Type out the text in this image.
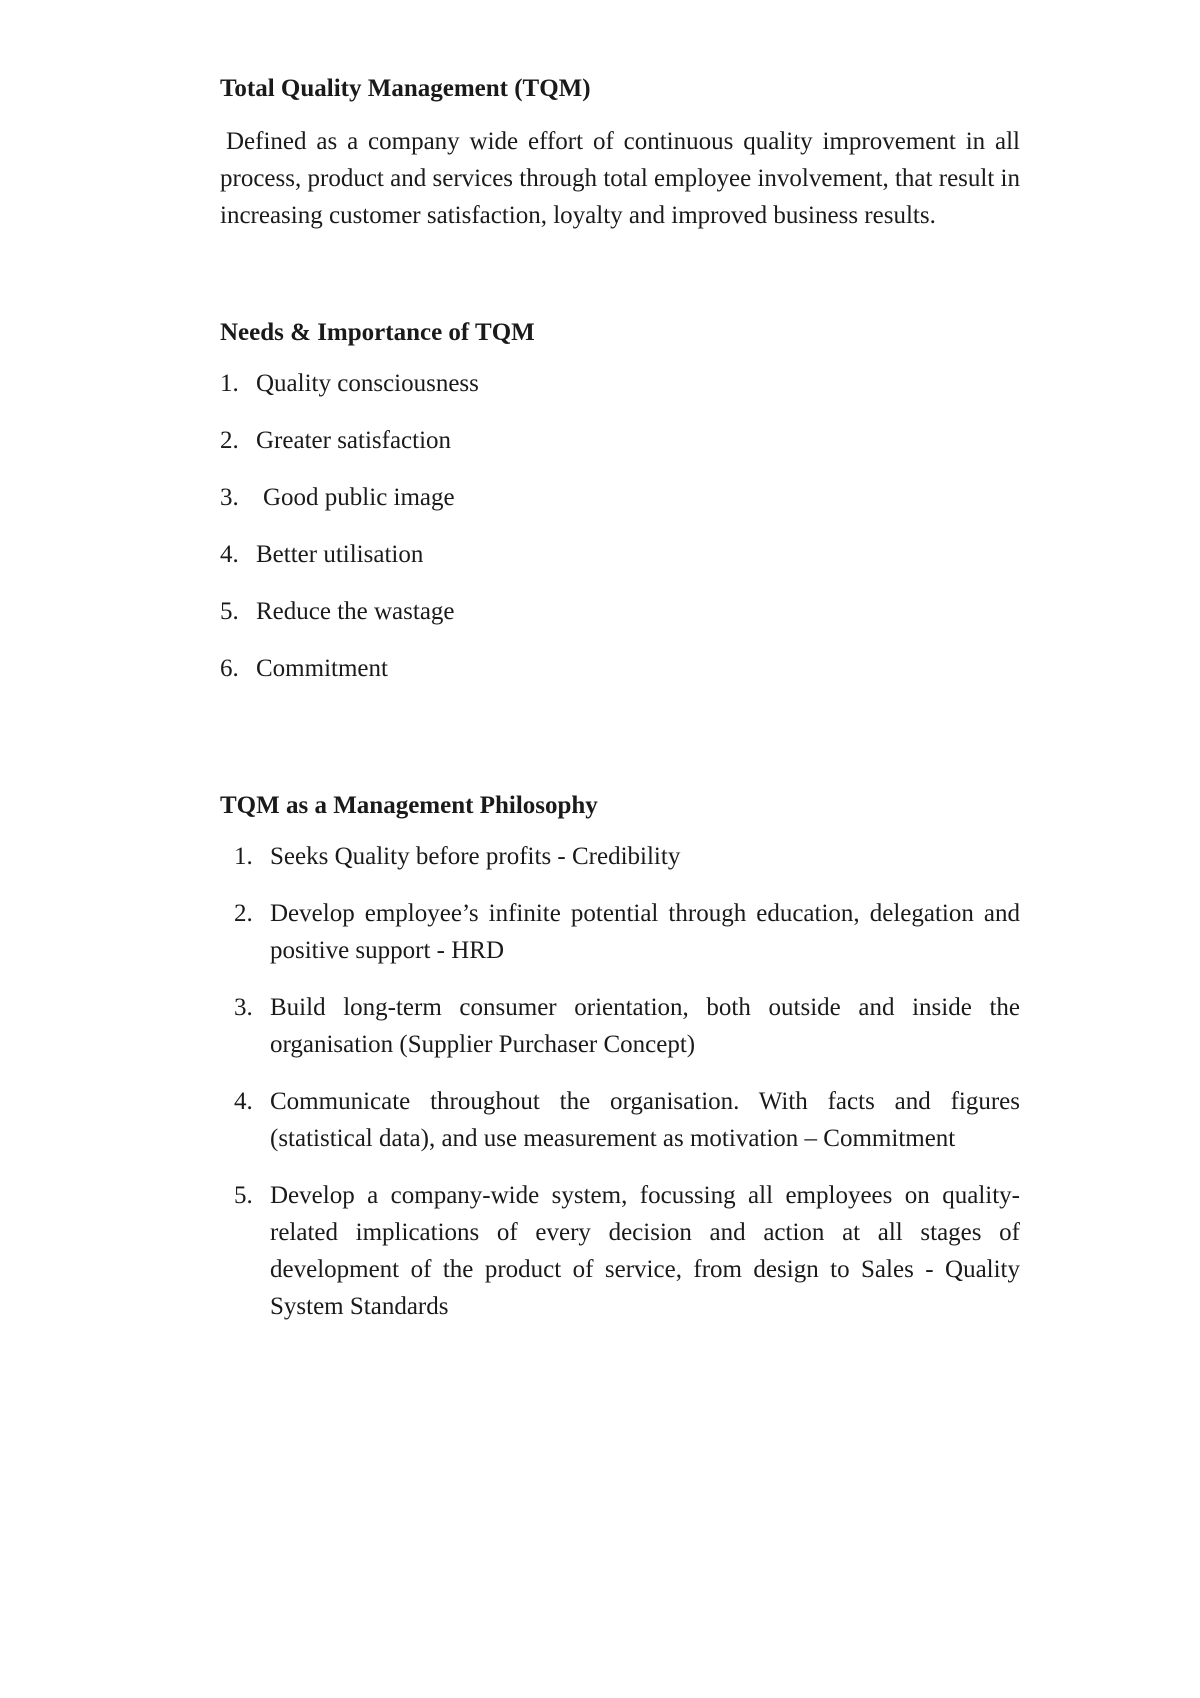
Total Quality Management (TQM)

Defined as a company wide effort of continuous quality improvement in all process, product and services through total employee involvement, that result in increasing customer satisfaction, loyalty and improved business results.

Needs & Importance of TQM

1. Quality consciousness
2. Greater satisfaction
3. Good public image
4. Better utilisation
5. Reduce the wastage
6. Commitment

TQM as a Management Philosophy

1. Seeks Quality before profits - Credibility
2. Develop employee’s infinite potential through education, delegation and positive support - HRD
3. Build long-term consumer orientation, both outside and inside the organisation (Supplier Purchaser Concept)
4. Communicate throughout the organisation. With facts and figures (statistical data), and use measurement as motivation – Commitment
5. Develop a company-wide system, focussing all employees on quality-related implications of every decision and action at all stages of development of the product of service, from design to Sales - Quality System Standards
